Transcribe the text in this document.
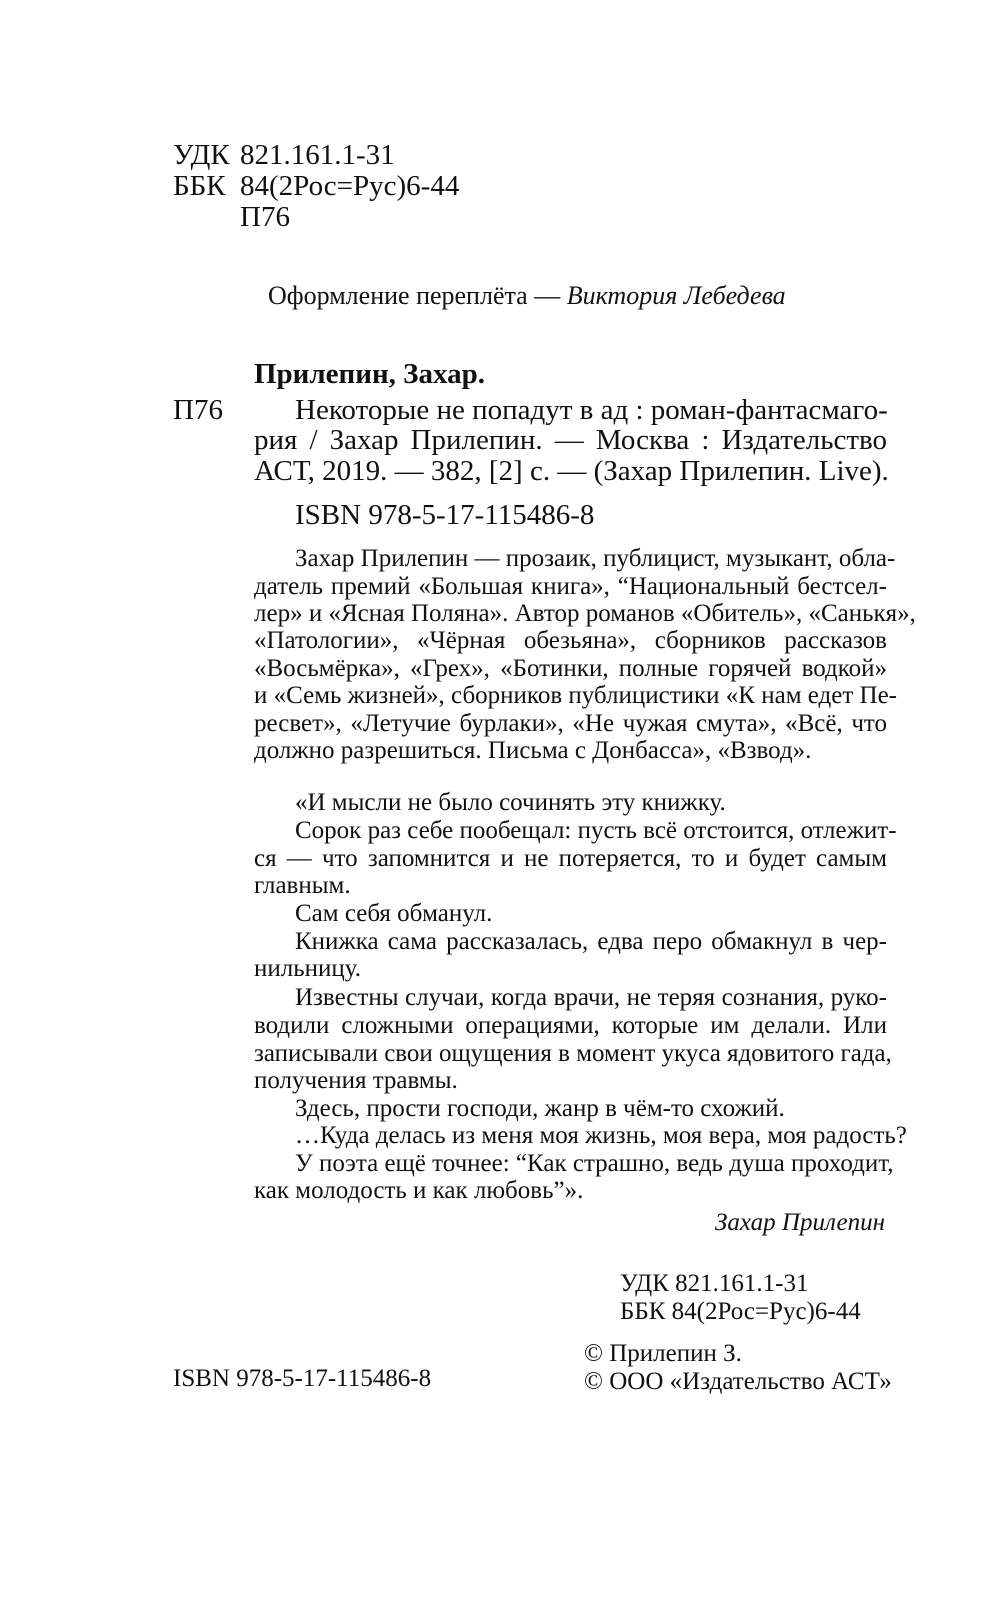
УДК 821.161.1-31
ББК 84(2Рос=Рус)6-44
П76
Оформление переплёта — Виктория Лебедева
Прилепин, Захар.
П76 Некоторые не попадут в ад : роман-фантасмаго-
рия / Захар Прилепин. — Москва : Издательство
АСТ, 2019. — 382, [2] с. — (Захар Прилепин. Live).
ISBN 978-5-17-115486-8
Захар Прилепин — прозаик, публицист, музыкант, обла-
датель премий «Большая книга», “Национальный бестсел-
лер» и «Ясная Поляна». Автор романов «Обитель», «Санькя»,
«Патологии», «Чёрная обезьяна», сборников рассказов
«Восьмёрка», «Грех», «Ботинки, полные горячей водкой»
и «Семь жизней», сборников публицистики «К нам едет Пе-
ресвет», «Летучие бурлаки», «Не чужая смута», «Всё, что
должно разрешиться. Письма с Донбасса», «Взвод».
«И мысли не было сочинять эту книжку.
Сорок раз себе пообещал: пусть всё отстоится, отлежит-
ся — что запомнится и не потеряется, то и будет самым
главным.
Сам себя обманул.
Книжка сама рассказалась, едва перо обмакнул в чер-
нильницу.
Известны случаи, когда врачи, не теряя сознания, руко-
водили сложными операциями, которые им делали. Или
записывали свои ощущения в момент укуса ядовитого гада,
получения травмы.
Здесь, прости господи, жанр в чём-то схожий.
…Куда делась из меня моя жизнь, моя вера, моя радость?
У поэта ещё точнее: “Как страшно, ведь душа проходит,
как молодость и как любовь”».
Захар Прилепин
УДК 821.161.1-31
ББК 84(2Рос=Рус)6-44
ISBN 978-5-17-115486-8
© Прилепин З.
© ООО «Издательство АСТ»
